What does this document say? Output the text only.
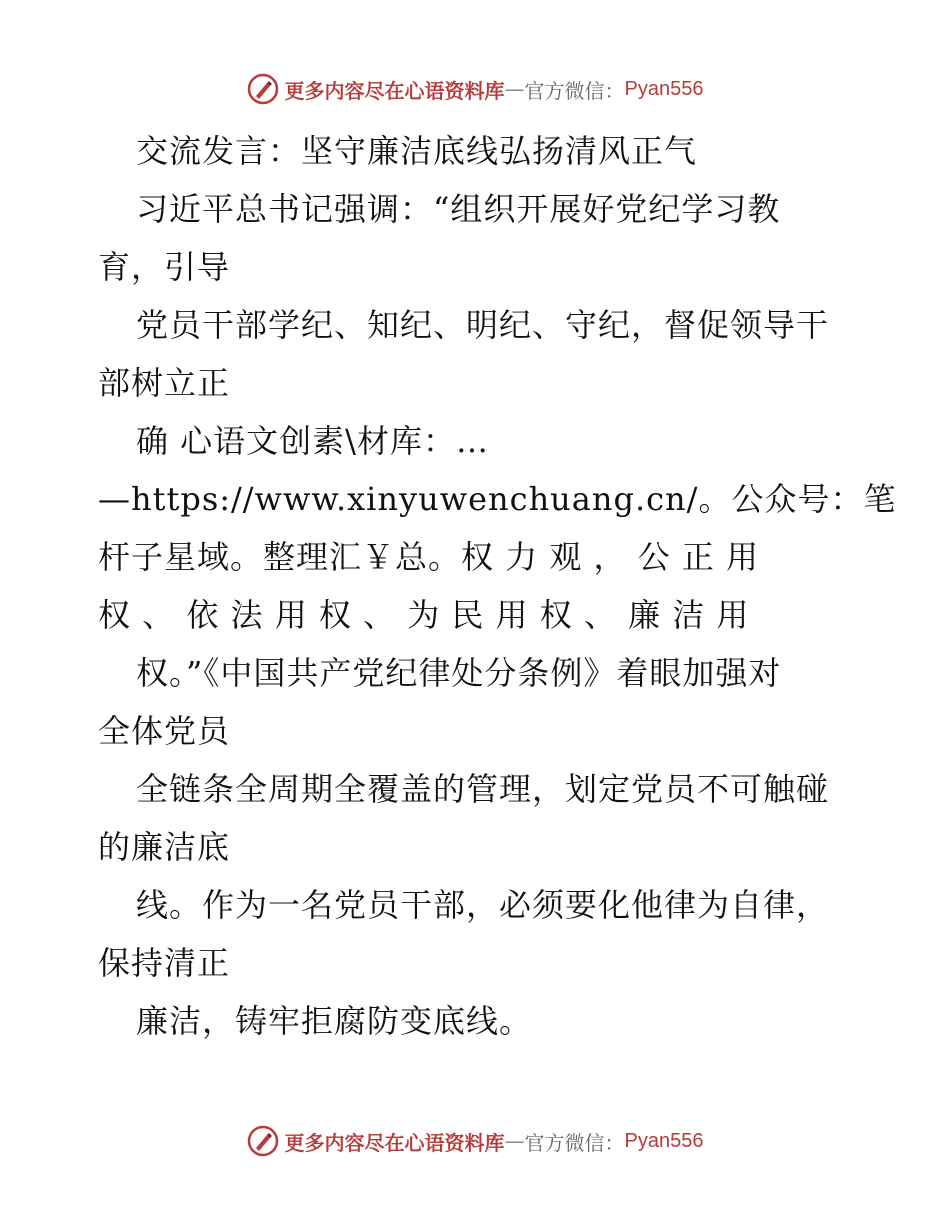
更多内容尽在心语资料库 — 官方微信： Pyan556
交流发言：坚守廉洁底线弘扬清风正气
习近平总书记强调：“组织开展好党纪学习教
育，引导
党员干部学纪、知纪、明纪、守纪，督促领导干
部树立正
确 心语文创素\材库：…
—https://www.xinyuwenchuang.cn/。公众号：笔
杆子星域。整理汇￥总。权 力 观 ， 公 正 用
权 、 依 法 用 权 、 为 民 用 权 、 廉 洁 用
权。”《中国共产党纪律处分条例》着眼加强对
全体党员
全链条全周期全覆盖的管理，划定党员不可触碰
的廉洁底
线。作为一名党员干部，必须要化他律为自律，
保持清正
廉洁，铸牢拒腐防变底线。
更多内容尽在心语资料库 — 官方微信： Pyan556
